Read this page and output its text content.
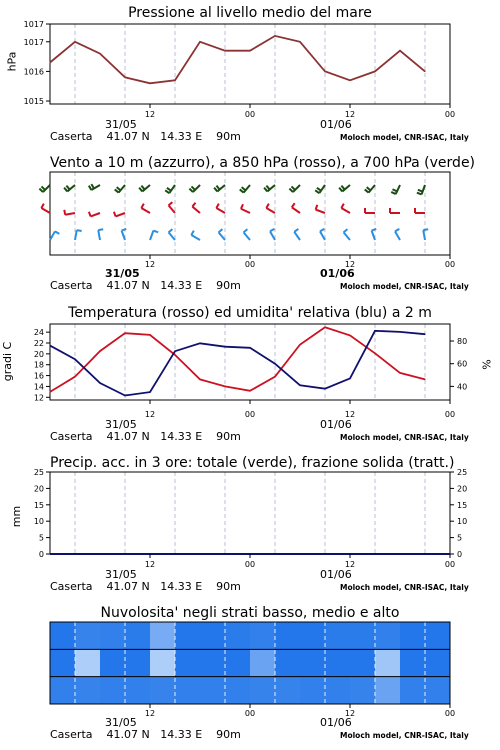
Pressione al livello medio del mare
hPa
1015
1016
1017
1017
12	00	12	00
31/05	01/06
Caserta 41.07 N 14.33 E 90m	Moloch model, CNR-ISAC, Italy
Vento a 10 m (azzurro), a 850 hPa (rosso), a 700 hPa (verde)
12	00	12	00
31/05	01/06
Caserta 41.07 N 14.33 E 90m	Moloch model, CNR-ISAC, Italy
Temperatura (rosso) ed umidita' relativa (blu) a 2 m
gradi C	%
12
14
16
18
20
22
24
40
60
80
12	00	12	00
31/05	01/06
Caserta 41.07 N 14.33 E 90m	Moloch model, CNR-ISAC, Italy
Precip. acc. in 3 ore: totale (verde), frazione solida (tratt.)
mm
0
5
10
15
20
25
0
5
10
15
20
25
12	00	12	00
31/05	01/06
Caserta 41.07 N 14.33 E 90m	Moloch model, CNR-ISAC, Italy
Nuvolosita' negli strati basso, medio e alto
12	00	12	00
31/05	01/06
Caserta 41.07 N 14.33 E 90m	Moloch model, CNR-ISAC, Italy
